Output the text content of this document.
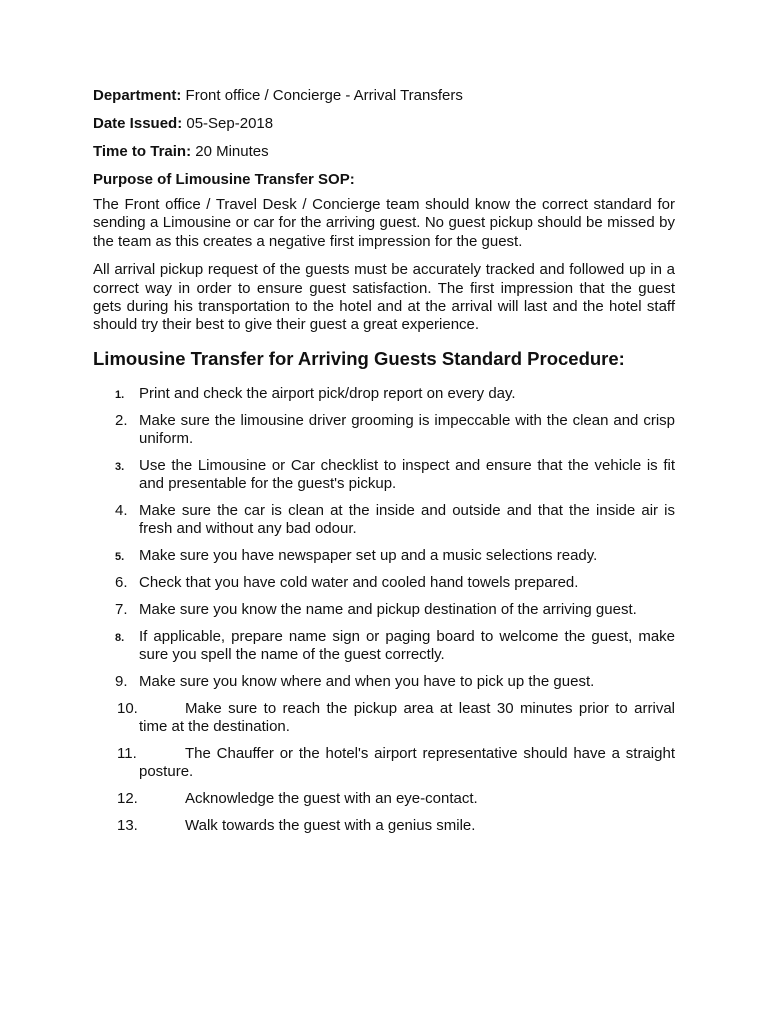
Department: Front office / Concierge - Arrival Transfers

Date Issued: 05-Sep-2018

Time to Train: 20 Minutes

Purpose of Limousine Transfer SOP:

The Front office / Travel Desk / Concierge team should know the correct standard for sending a Limousine or car for the arriving guest. No guest pickup should be missed by the team as this creates a negative first impression for the guest.

All arrival pickup request of the guests must be accurately tracked and followed up in a correct way in order to ensure guest satisfaction. The first impression that the guest gets during his transportation to the hotel and at the arrival will last and the hotel staff should try their best to give their guest a great experience.

Limousine Transfer for Arriving Guests Standard Procedure:
1. Print and check the airport pick/drop report on every day.
2. Make sure the limousine driver grooming is impeccable with the clean and crisp uniform.
3. Use the Limousine or Car checklist to inspect and ensure that the vehicle is fit and presentable for the guest's pickup.
4. Make sure the car is clean at the inside and outside and that the inside air is fresh and without any bad odour.
5. Make sure you have newspaper set up and a music selections ready.
6. Check that you have cold water and cooled hand towels prepared.
7. Make sure you know the name and pickup destination of the arriving guest.
8. If applicable, prepare name sign or paging board to welcome the guest, make sure you spell the name of the guest correctly.
9. Make sure you know where and when you have to pick up the guest.
10.	Make sure to reach the pickup area at least 30 minutes prior to arrival time at the destination.
11.	The Chauffer or the hotel's airport representative should have a straight posture.
12.	Acknowledge the guest with an eye-contact.
13.	Walk towards the guest with a genius smile.
